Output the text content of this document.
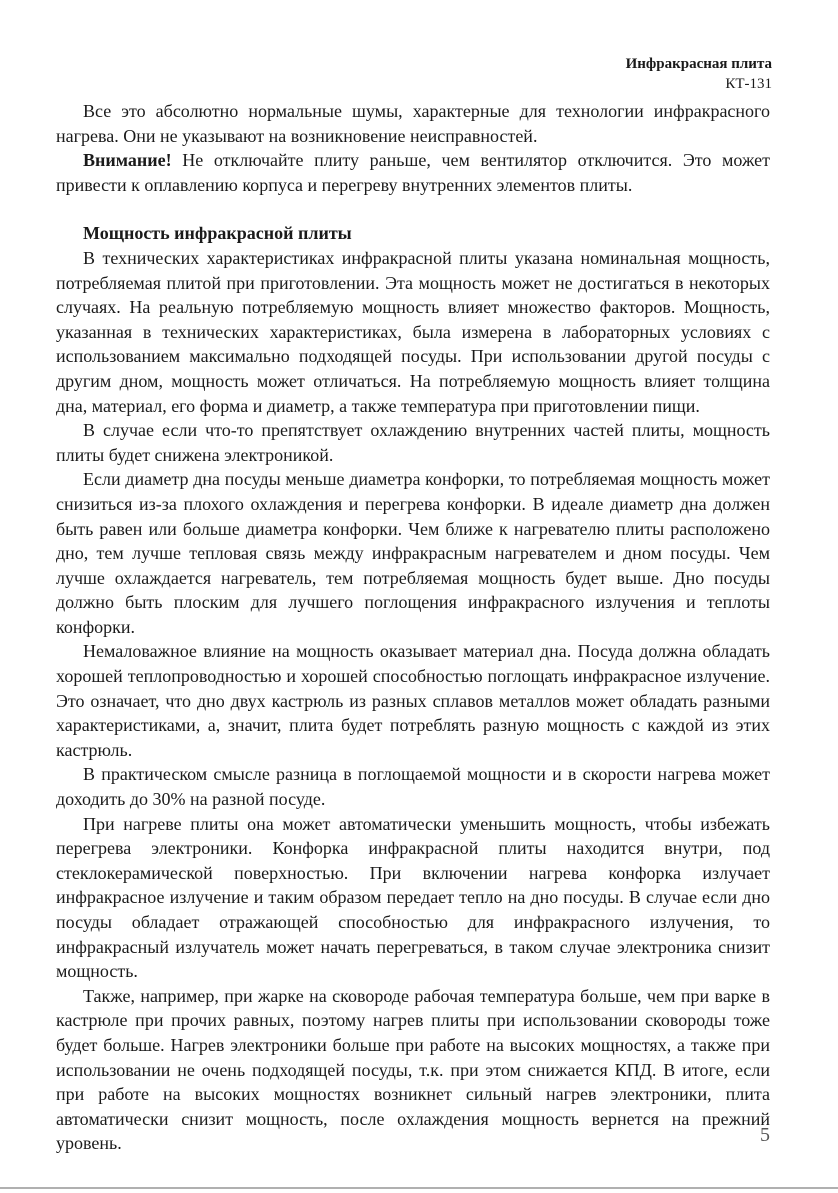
Инфракрасная плита
КТ-131

Все это абсолютно нормальные шумы, характерные для технологии инфракрасного нагрева. Они не указывают на возникновение неисправностей.

Внимание! Не отключайте плиту раньше, чем вентилятор отключится. Это может привести к оплавлению корпуса и перегреву внутренних элементов плиты.

Мощность инфракрасной плиты

В технических характеристиках инфракрасной плиты указана номинальная мощность, потребляемая плитой при приготовлении. Эта мощность может не достигаться в некоторых случаях. На реальную потребляемую мощность влияет множество факторов. Мощность, указанная в технических характеристиках, была измерена в лабораторных условиях с использованием максимально подходящей посуды. При использовании другой посуды с другим дном, мощность может отличаться. На потребляемую мощность влияет толщина дна, материал, его форма и диаметр, а также температура при приготовлении пищи.

В случае если что-то препятствует охлаждению внутренних частей плиты, мощность плиты будет снижена электроникой.

Если диаметр дна посуды меньше диаметра конфорки, то потребляемая мощность может снизиться из-за плохого охлаждения и перегрева конфорки. В идеале диаметр дна должен быть равен или больше диаметра конфорки. Чем ближе к нагревателю плиты расположено дно, тем лучше тепловая связь между инфракрасным нагревателем и дном посуды. Чем лучше охлаждается нагреватель, тем потребляемая мощность будет выше. Дно посуды должно быть плоским для лучшего поглощения инфракрасного излучения и теплоты конфорки.

Немаловажное влияние на мощность оказывает материал дна. Посуда должна обладать хорошей теплопроводностью и хорошей способностью поглощать инфракрасное излучение. Это означает, что дно двух кастрюль из разных сплавов металлов может обладать разными характеристиками, а, значит, плита будет потреблять разную мощность с каждой из этих кастрюль.

В практическом смысле разница в поглощаемой мощности и в скорости нагрева может доходить до 30% на разной посуде.

При нагреве плиты она может автоматически уменьшить мощность, чтобы избежать перегрева электроники. Конфорка инфракрасной плиты находится внутри, под стеклокерамической поверхностью. При включении нагрева конфорка излучает инфракрасное излучение и таким образом передает тепло на дно посуды. В случае если дно посуды обладает отражающей способностью для инфракрасного излучения, то инфракрасный излучатель может начать перегреваться, в таком случае электроника снизит мощность.

Также, например, при жарке на сковороде рабочая температура больше, чем при варке в кастрюле при прочих равных, поэтому нагрев плиты при использовании сковороды тоже будет больше. Нагрев электроники больше при работе на высоких мощностях, а также при использовании не очень подходящей посуды, т.к. при этом снижается КПД. В итоге, если при работе на высоких мощностях возникнет сильный нагрев электроники, плита автоматически снизит мощность, после охлаждения мощность вернется на прежний уровень.	5
